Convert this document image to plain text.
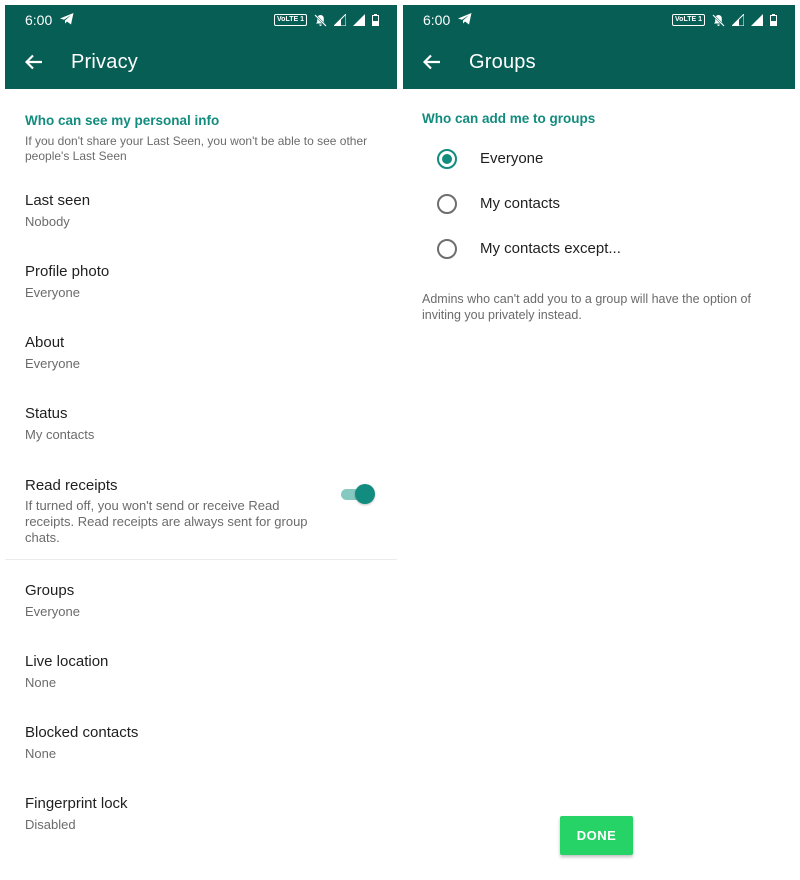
6:00	VoLTE 1
Privacy
Who can see my personal info
If you don't share your Last Seen, you won't be able to see other people's Last Seen
Last seen
Nobody
Profile photo
Everyone
About
Everyone
Status
My contacts
Read receipts
If turned off, you won't send or receive Read receipts. Read receipts are always sent for group chats.
Groups
Everyone
Live location
None
Blocked contacts
None
Fingerprint lock
Disabled
6:00	VoLTE 1
Groups
Who can add me to groups
Everyone
My contacts
My contacts except...
Admins who can't add you to a group will have the option of inviting you privately instead.
DONE
